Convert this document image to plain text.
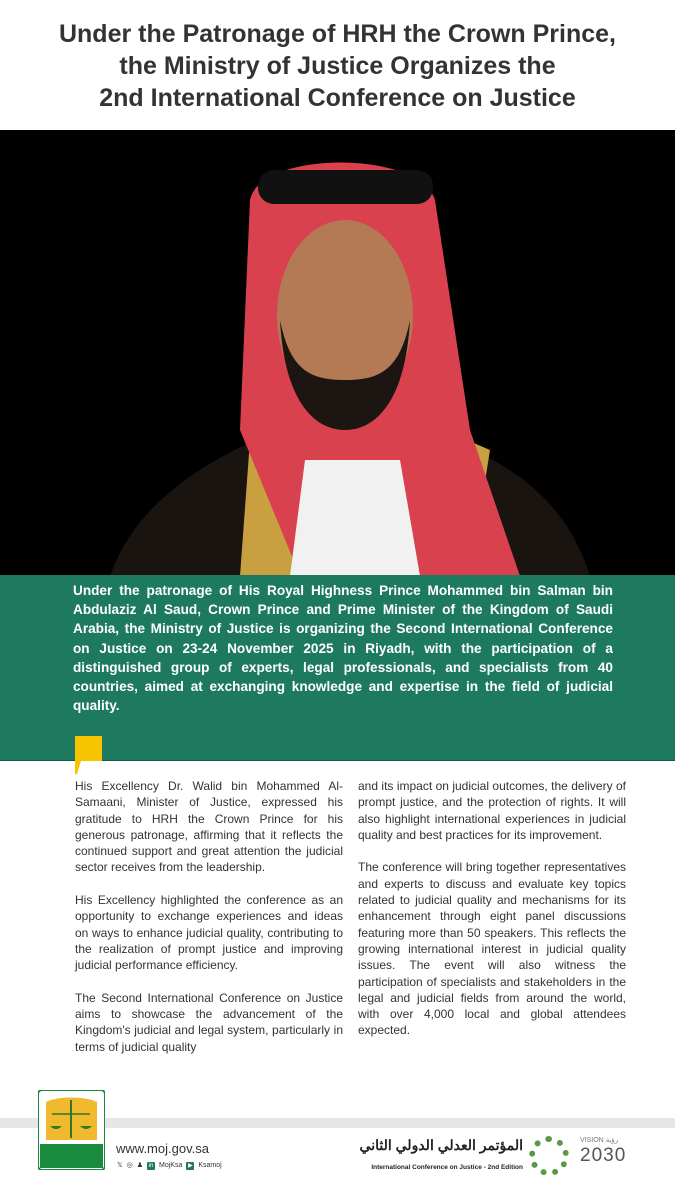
Under the Patronage of HRH the Crown Prince,
the Ministry of Justice Organizes the
2nd International Conference on Justice

Under the patronage of His Royal Highness Prince Mohammed bin Salman bin Abdulaziz Al Saud, Crown Prince and Prime Minister of the Kingdom of Saudi Arabia, the Ministry of Justice is organizing the Second International Conference on Justice on 23-24 November 2025 in Riyadh, with the participation of a distinguished group of experts, legal professionals, and specialists from 40 countries, aimed at exchanging knowledge and expertise in the field of judicial quality.

His Excellency Dr. Walid bin Mohammed Al-Samaani, Minister of Justice, expressed his gratitude to HRH the Crown Prince for his generous patronage, affirming that it reflects the continued support and great attention the judicial sector receives from the leadership.

His Excellency highlighted the conference as an opportunity to exchange experiences and ideas on ways to enhance judicial quality, contributing to the realization of prompt justice and improving judicial performance efficiency.

The Second International Conference on Justice aims to showcase the advancement of the Kingdom's judicial and legal system, particularly in terms of judicial quality

and its impact on judicial outcomes, the delivery of prompt justice, and the protection of rights. It will also highlight international experiences in judicial quality and best practices for its improvement.

The conference will bring together representatives and experts to discuss and evaluate key topics related to judicial quality and mechanisms for its enhancement through eight panel discussions featuring more than 50 speakers. This reflects the growing international interest in judicial quality issues. The event will also witness the participation of specialists and stakeholders in the legal and judicial fields from around the world, with over 4,000 local and global attendees expected.

www.moj.gov.sa
𝕏 ◎ ♟ in MojKsa ▶ Ksamoj
المؤتمر العدلي الدولي الثاني
International Conference on Justice - 2nd Edition
VISION رؤية
2030
